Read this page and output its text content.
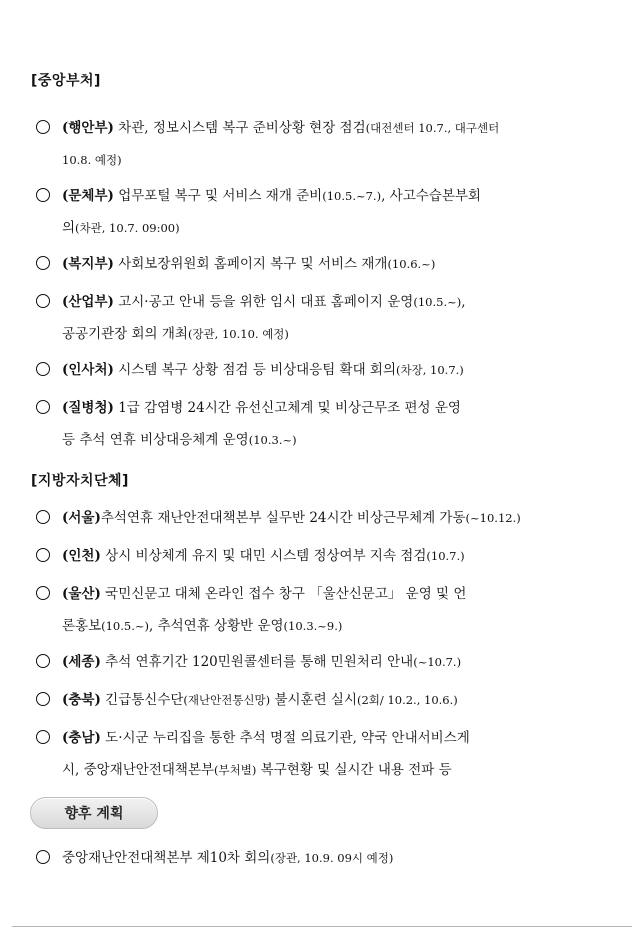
[중앙부처]
(행안부) 차관, 정보시스템 복구 준비상황 현장 점검(대전센터 10.7., 대구센터
10.8. 예정)
(문체부) 업무포털 복구 및 서비스 재개 준비(10.5.~7.), 사고수습본부회
의(차관, 10.7. 09:00)
(복지부) 사회보장위원회 홈페이지 복구 및 서비스 재개(10.6.~)
(산업부) 고시·공고 안내 등을 위한 임시 대표 홈페이지 운영(10.5.~),
공공기관장 회의 개최(장관, 10.10. 예정)
(인사처) 시스템 복구 상황 점검 등 비상대응팀 확대 회의(차장, 10.7.)
(질병청) 1급 감염병 24시간 유선신고체계 및 비상근무조 편성 운영
등 추석 연휴 비상대응체계 운영(10.3.~)
[지방자치단체]
(서울)추석연휴 재난안전대책본부 실무반 24시간 비상근무체계 가동(~10.12.)
(인천) 상시 비상체계 유지 및 대민 시스템 정상여부 지속 점검(10.7.)
(울산) 국민신문고 대체 온라인 접수 창구 「울산신문고」 운영 및 언
론홍보(10.5.~), 추석연휴 상황반 운영(10.3.~9.)
(세종) 추석 연휴기간 120민원콜센터를 통해 민원처리 안내(~10.7.)
(충북) 긴급통신수단(재난안전통신망) 불시훈련 실시(2회/ 10.2., 10.6.)
(충남) 도·시군 누리집을 통한 추석 명절 의료기관, 약국 안내서비스게
시, 중앙재난안전대책본부(부처별) 복구현황 및 실시간 내용 전파 등
향후 계획
중앙재난안전대책본부 제10차 회의(장관, 10.9. 09시 예정)
